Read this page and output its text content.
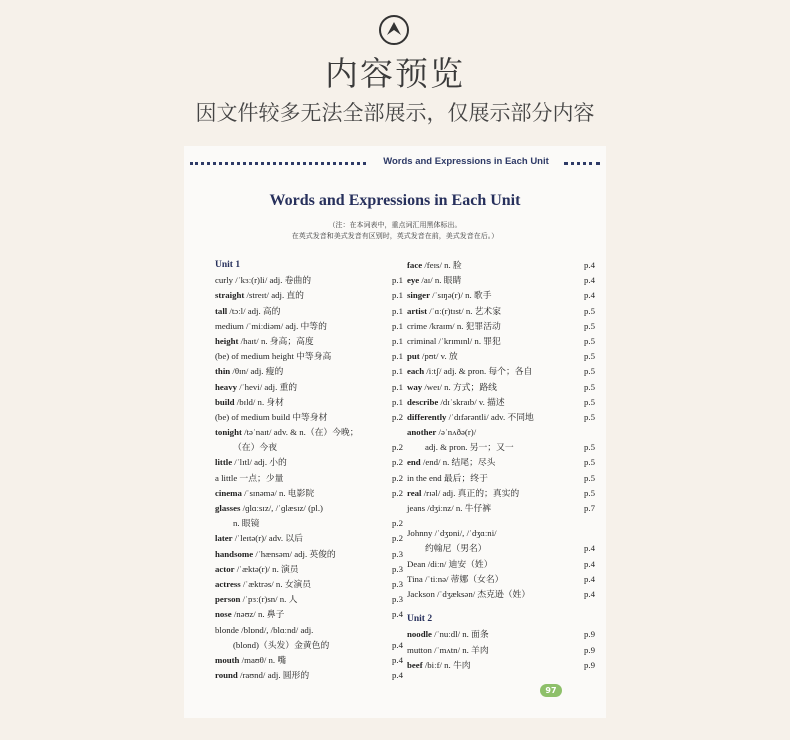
内容预览
因文件较多无法全部展示，仅展示部分内容
Words and Expressions in Each Unit
Words and Expressions in Each Unit
（注：在本词表中，重点词汇用黑体标出。
在英式发音和美式发音有区别时，英式发音在前，美式发音在后。）
Unit 1
curly /ˈkɜː(r)li/ adj. 卷曲的	p.1
straight /streɪt/ adj. 直的	p.1
tall /tɔːl/ adj. 高的	p.1
medium /ˈmiːdiəm/ adj. 中等的	p.1
height /haɪt/ n. 身高；高度	p.1
(be) of medium height 中等身高	p.1
thin /θɪn/ adj. 瘦的	p.1
heavy /ˈhevi/ adj. 重的	p.1
build /bɪld/ n. 身材	p.1
(be) of medium build 中等身材	p.2
tonight /təˈnaɪt/ adv. & n.（在）今晚；
（在）今夜	p.2
little /ˈlɪtl/ adj. 小的	p.2
a little 一点；少量	p.2
cinema /ˈsɪnəmə/ n. 电影院	p.2
glasses /ɡlɑːsɪz/, /ˈɡlæsɪz/ (pl.)
n. 眼镜	p.2
later /ˈleɪtə(r)/ adv. 以后	p.2
handsome /ˈhænsəm/ adj. 英俊的	p.3
actor /ˈæktə(r)/ n. 演员	p.3
actress /ˈæktrəs/ n. 女演员	p.3
person /ˈpɜː(r)sn/ n. 人	p.3
nose /nəʊz/ n. 鼻子	p.4
blonde /blɒnd/, /blɑːnd/ adj.
(blond)（头发）金黄色的	p.4
mouth /maʊθ/ n. 嘴	p.4
round /raʊnd/ adj. 圆形的	p.4
face /feɪs/ n. 脸	p.4
eye /aɪ/ n. 眼睛	p.4
singer /ˈsɪŋə(r)/ n. 歌手	p.4
artist /ˈɑː(r)tɪst/ n. 艺术家	p.5
crime /kraɪm/ n. 犯罪活动	p.5
criminal /ˈkrɪmɪnl/ n. 罪犯	p.5
put /pʊt/ v. 放	p.5
each /iːtʃ/ adj. & pron. 每个；各自	p.5
way /weɪ/ n. 方式；路线	p.5
describe /dɪˈskraɪb/ v. 描述	p.5
differently /ˈdɪfərəntli/ adv. 不同地	p.5
another /əˈnʌðə(r)/
adj. & pron. 另一；又一	p.5
end /end/ n. 结尾；尽头	p.5
in the end 最后；终于	p.5
real /rɪəl/ adj. 真正的；真实的	p.5
jeans /dʒiːnz/ n. 牛仔裤	p.7
Johnny /ˈdʒɒni/, /ˈdʒɑːni/
约翰尼（男名）	p.4
Dean /diːn/ 迪安（姓）	p.4
Tina /ˈtiːnə/ 蒂娜（女名）	p.4
Jackson /ˈdʒæksən/ 杰克逊（姓）	p.4
Unit 2
noodle /ˈnuːdl/ n. 面条	p.9
mutton /ˈmʌtn/ n. 羊肉	p.9
beef /biːf/ n. 牛肉	p.9
97
